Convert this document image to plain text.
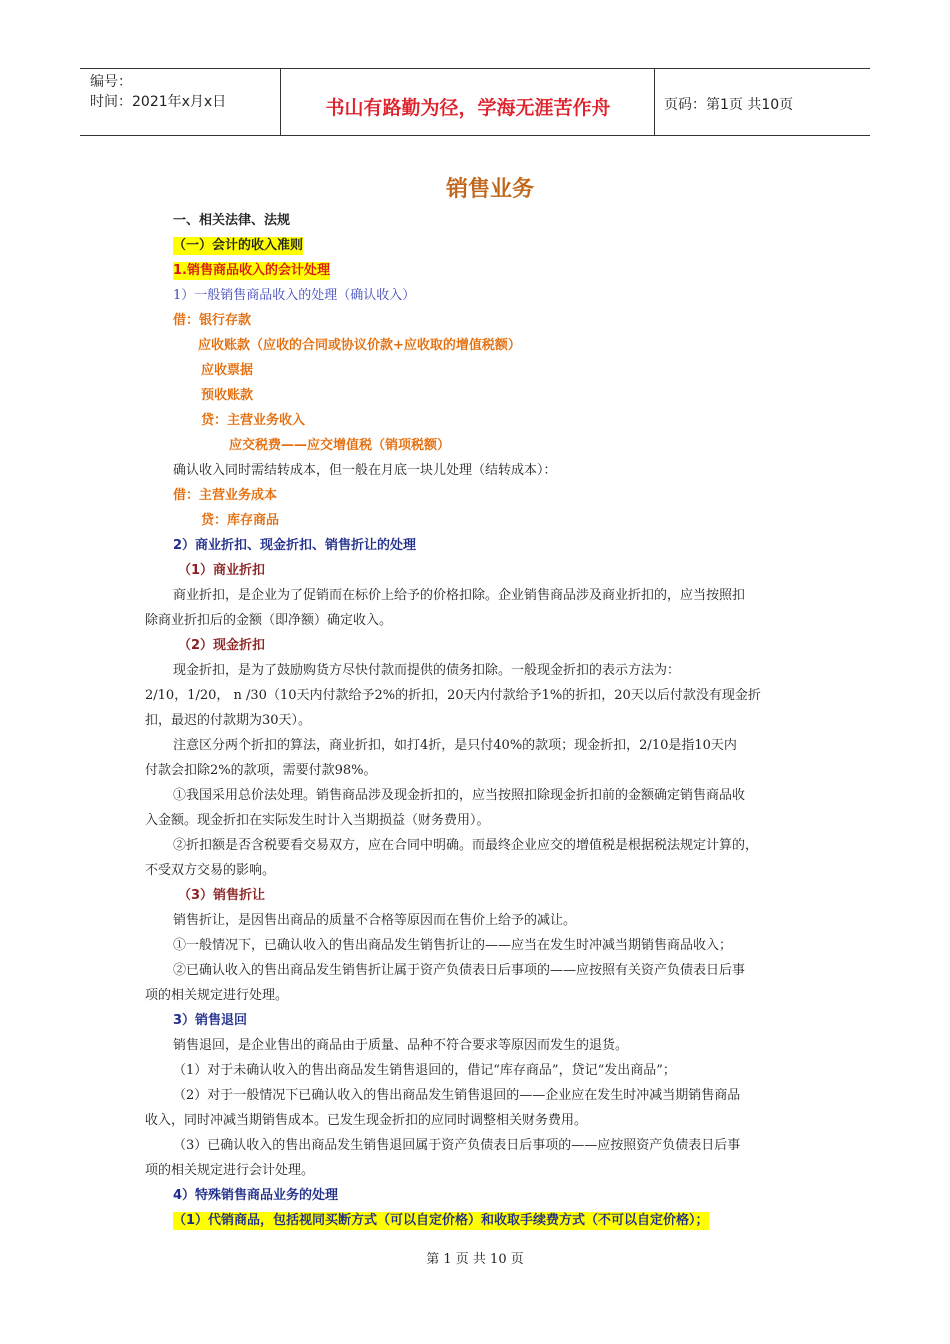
编号：
时间：2021年x月x日	书山有路勤为径，学海无涯苦作舟	页码：第1页 共10页
销售业务
一、相关法律、法规
（一）会计的收入准则
1.销售商品收入的会计处理
1）一般销售商品收入的处理（确认收入）
借：银行存款
应收账款（应收的合同或协议价款+应收取的增值税额）
应收票据
预收账款
贷：主营业务收入
应交税费——应交增值税（销项税额）
确认收入同时需结转成本，但一般在月底一块儿处理（结转成本）：
借：主营业务成本
贷：库存商品
2）商业折扣、现金折扣、销售折让的处理
（1）商业折扣
商业折扣，是企业为了促销而在标价上给予的价格扣除。企业销售商品涉及商业折扣的，应当按照扣
除商业折扣后的金额（即净额）确定收入。
（2）现金折扣
现金折扣，是为了鼓励购货方尽快付款而提供的债务扣除。一般现金折扣的表示方法为：
2/10，1/20， n /30（10天内付款给予2%的折扣，20天内付款给予1%的折扣，20天以后付款没有现金折
扣，最迟的付款期为30天）。
注意区分两个折扣的算法，商业折扣，如打4折，是只付40%的款项；现金折扣，2/10是指10天内
付款会扣除2%的款项，需要付款98%。
①我国采用总价法处理。销售商品涉及现金折扣的，应当按照扣除现金折扣前的金额确定销售商品收
入金额。现金折扣在实际发生时计入当期损益（财务费用）。
②折扣额是否含税要看交易双方，应在合同中明确。而最终企业应交的增值税是根据税法规定计算的，
不受双方交易的影响。
（3）销售折让
销售折让，是因售出商品的质量不合格等原因而在售价上给予的减让。
①一般情况下，已确认收入的售出商品发生销售折让的——应当在发生时冲减当期销售商品收入；
②已确认收入的售出商品发生销售折让属于资产负债表日后事项的——应按照有关资产负债表日后事
项的相关规定进行处理。
3）销售退回
销售退回，是企业售出的商品由于质量、品种不符合要求等原因而发生的退货。
（1）对于未确认收入的售出商品发生销售退回的，借记“库存商品”，贷记“发出商品”；
（2）对于一般情况下已确认收入的售出商品发生销售退回的——企业应在发生时冲减当期销售商品
收入，同时冲减当期销售成本。已发生现金折扣的应同时调整相关财务费用。
（3）已确认收入的售出商品发生销售退回属于资产负债表日后事项的——应按照资产负债表日后事
项的相关规定进行会计处理。
4）特殊销售商品业务的处理
（1）代销商品，包括视同买断方式（可以自定价格）和收取手续费方式（不可以自定价格）；
第 1 页 共 10 页
